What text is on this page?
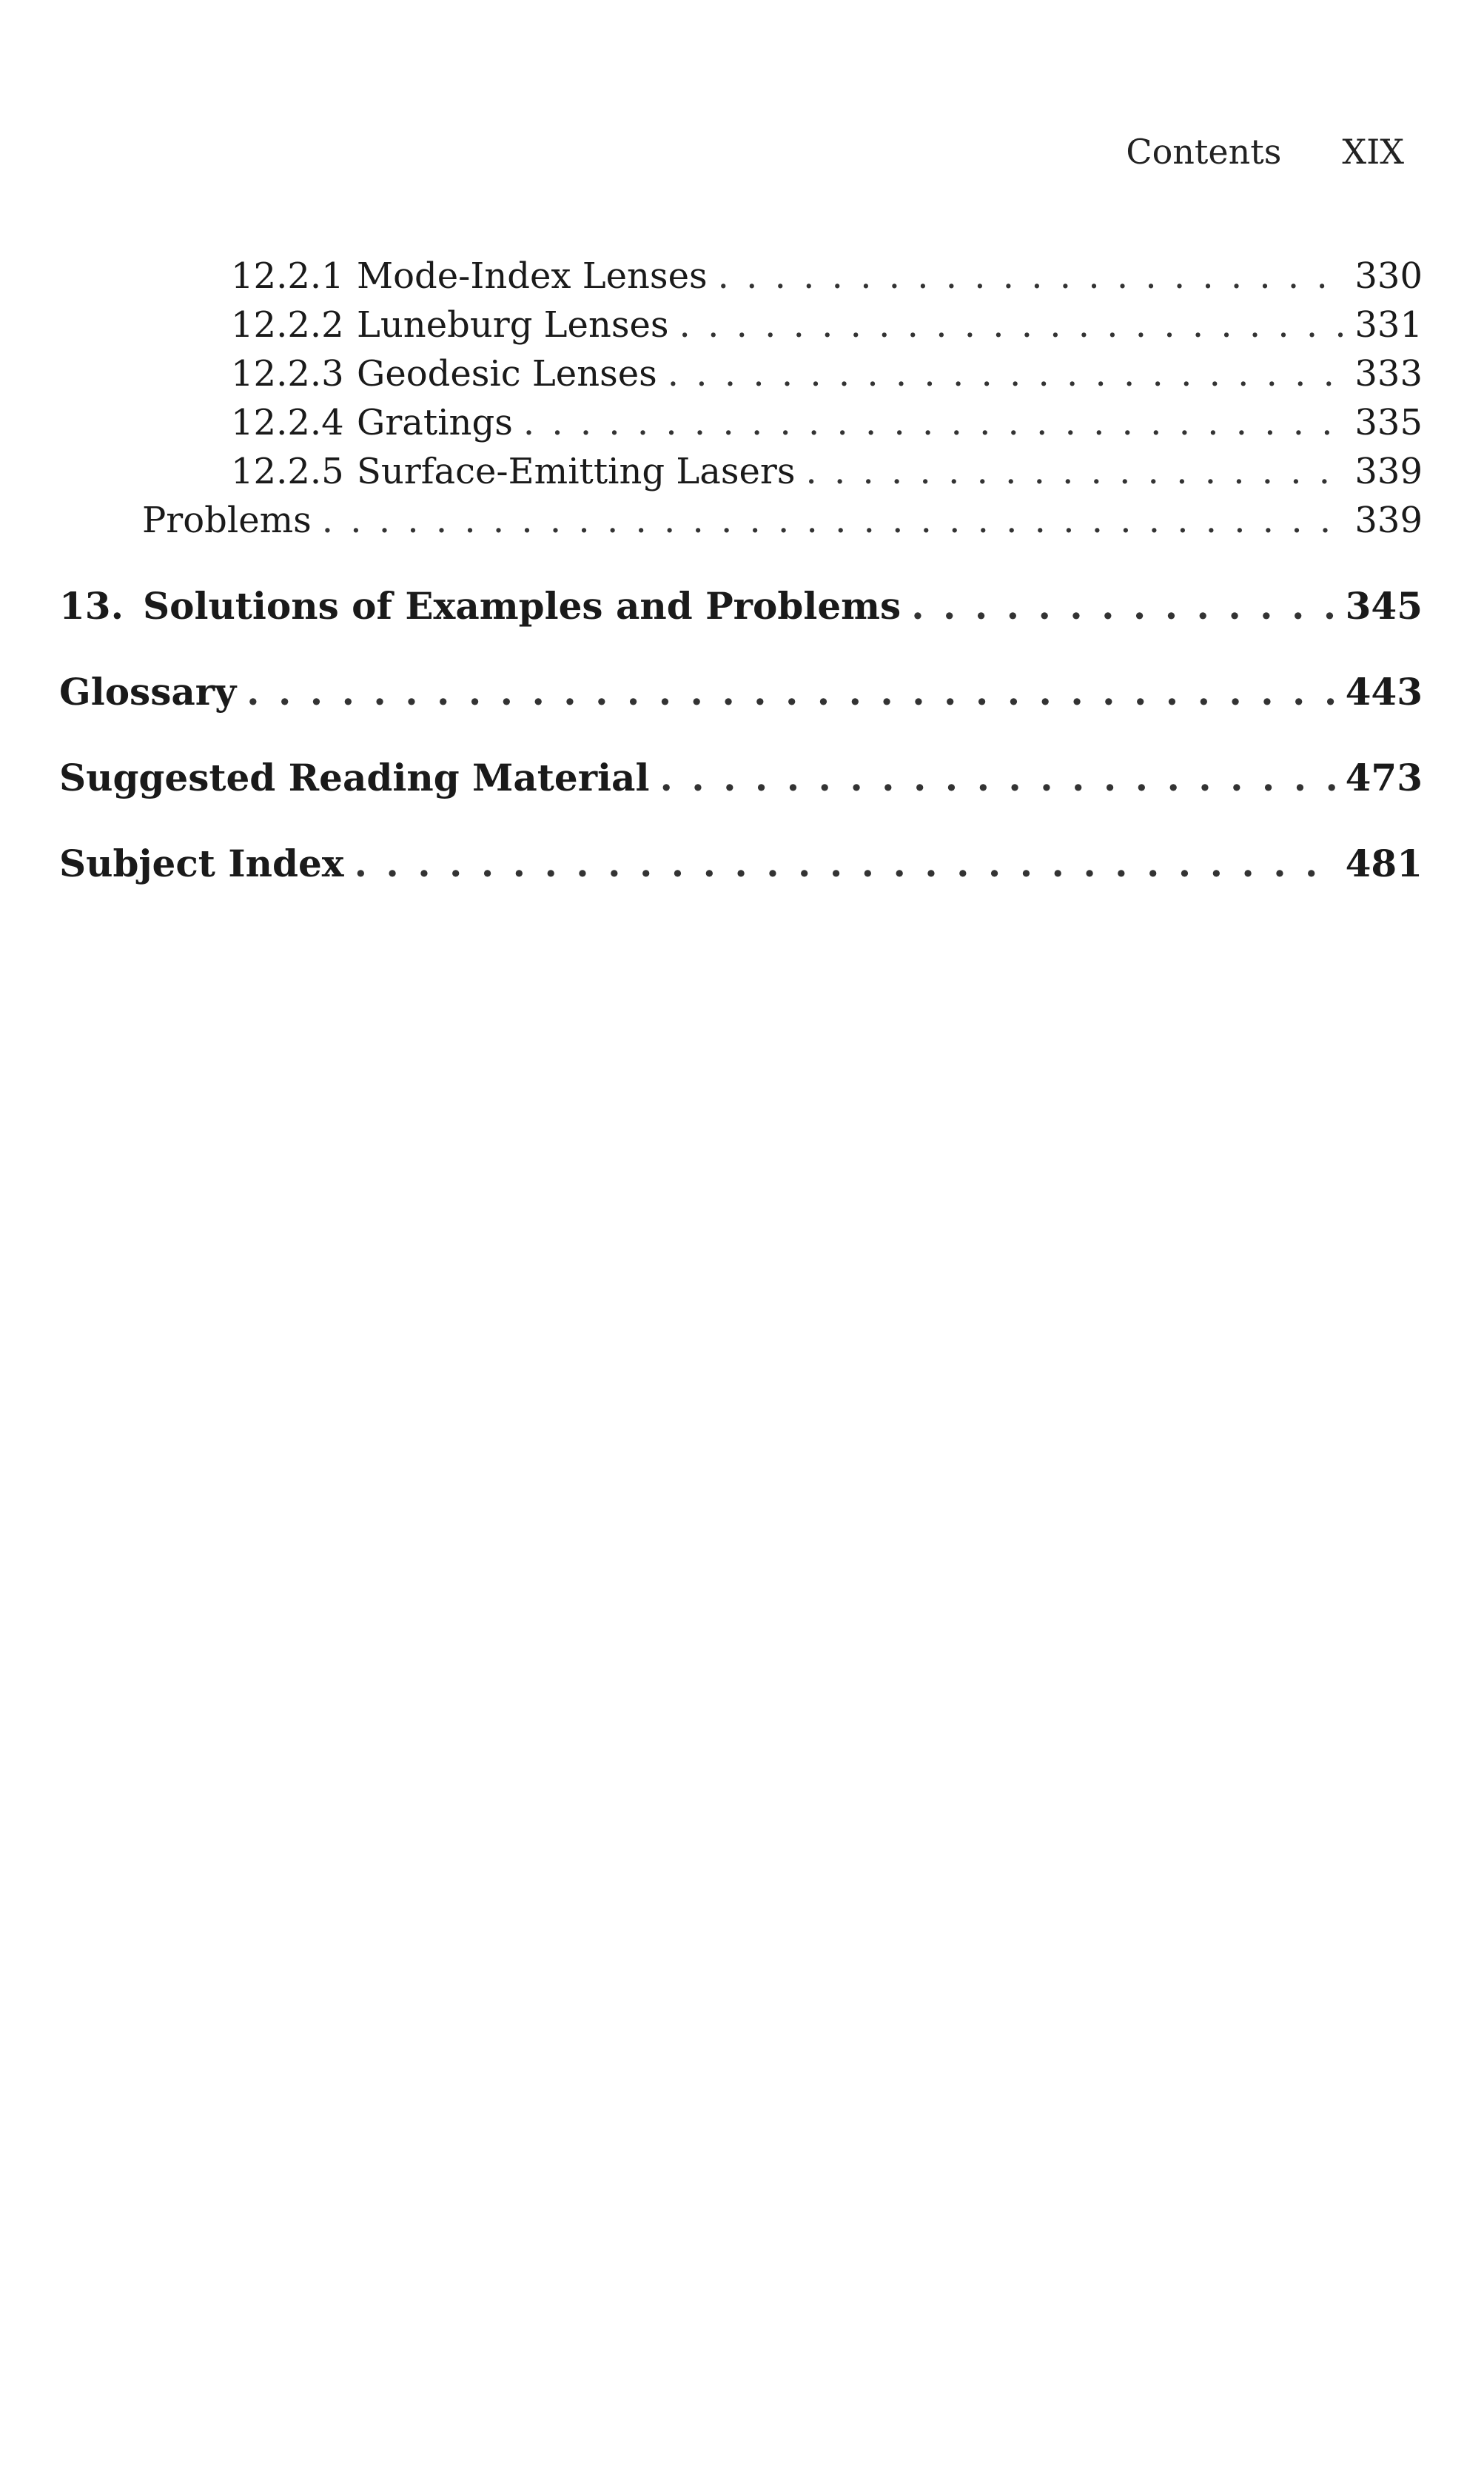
Contents XIX
12.2.1 Mode-Index Lenses . . .	330
12.2.2 Luneburg Lenses . . .	331
12.2.3 Geodesic Lenses . . .	333
12.2.4 Gratings . . .	335
12.2.5 Surface-Emitting Lasers . . .	339
Problems . . .	339
13. Solutions of Examples and Problems . . .	345
Glossary . . .	443
Suggested Reading Material . . .	473
Subject Index . . .	481
